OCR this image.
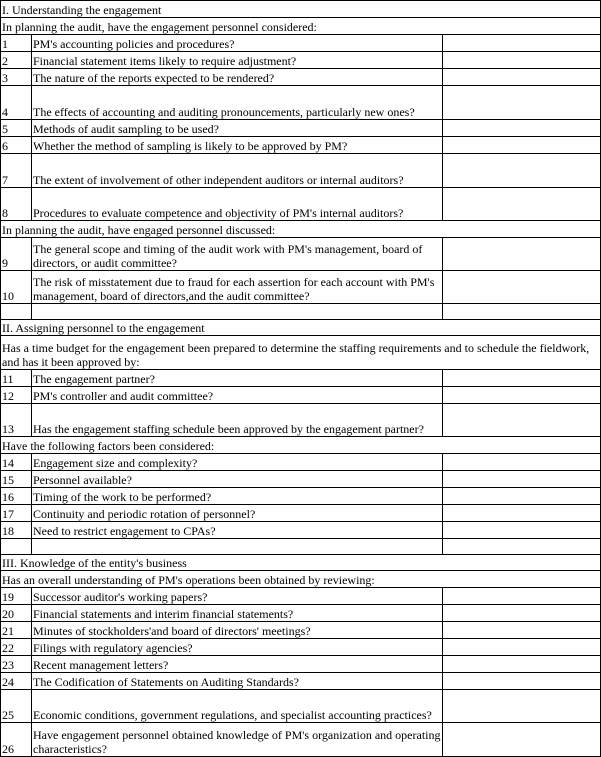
I. Understanding the engagement		
In planning the audit, have the engagement personnel considered:		
1	PM's accounting policies and procedures?	
2	Financial statement items likely to require adjustment?	
3	The nature of the reports expected to be rendered?	
4	The effects of accounting and auditing pronouncements, particularly new ones?	
5	Methods of audit sampling to be used?	
6	Whether the method of sampling is likely to be approved by PM?	
7	The extent of involvement of other independent auditors or internal auditors?	
8	Procedures to evaluate competence and objectivity of PM's internal auditors?	
In planning the audit, have engaged personnel discussed:		
9	The general scope and timing of the audit work with PM's management, board of directors, or audit committee?	
10	The risk of misstatement due to fraud for each assertion for each account with PM's management, board of directors,and the audit committee?	

II. Assigning personnel to the engagement		
Has a time budget for the engagement been prepared to determine the staffing requirements and to schedule the fieldwork, and has it been approved by:		
11	The engagement partner?	
12	PM's controller and audit committee?	
13	Has the engagement staffing schedule been approved by the engagement partner?	
Have the following factors been considered:		
14	Engagement size and complexity?	
15	Personnel available?	
16	Timing of the work to be performed?	
17	Continuity and periodic rotation of personnel?	
18	Need to restrict engagement to CPAs?	

III. Knowledge of the entity's business		
Has an overall understanding of PM's operations been obtained by reviewing:		
19	Successor auditor's working papers?	
20	Financial statements and interim financial statements?	
21	Minutes of stockholders'and board of directors' meetings?	
22	Filings with regulatory agencies?	
23	Recent management letters?	
24	The Codification of Statements on Auditing Standards?	
25	Economic conditions, government regulations, and specialist accounting practices?	
26	Have engagement personnel obtained knowledge of PM's organization and operating characteristics?	
